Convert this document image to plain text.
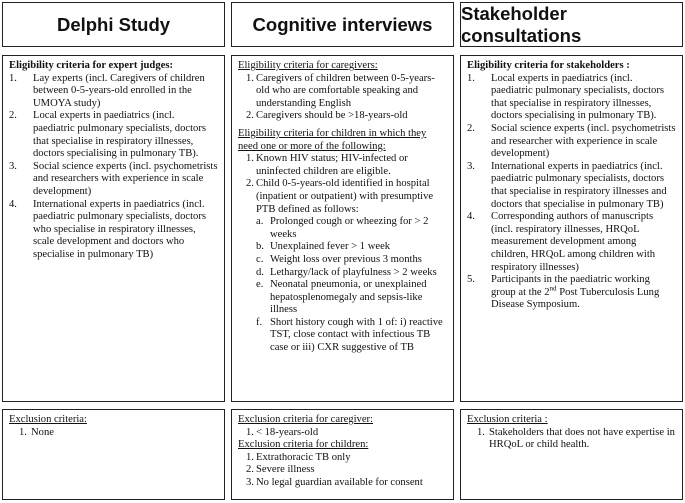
Delphi Study	Cognitive interviews
Stakeholder consultations
Eligibility criteria for expert judges:
1. Lay experts (incl. Caregivers of children between 0-5-years-old enrolled in the UMOYA study)
2. Local experts in paediatrics (incl. paediatric pulmonary specialists, doctors that specialise in respiratory illnesses, doctors specialising in pulmonary TB).
3. Social science experts (incl. psychometrists and researchers with experience in scale development)
4. International experts in paediatrics (incl. paediatric pulmonary specialists, doctors who specialise in respiratory illnesses, scale development and doctors who specialise in pulmonary TB)
Eligibility criteria for caregivers:
1. Caregivers of children between 0-5-years-old who are comfortable speaking and understanding English
2. Caregivers should be >18-years-old
Eligibility criteria for children in which they need one or more of the following:
1. Known HIV status; HIV-infected or uninfected children are eligible.
2. Child 0-5-years-old identified in hospital (inpatient or outpatient) with presumptive PTB defined as follows:
a. Prolonged cough or wheezing for > 2 weeks
b. Unexplained fever > 1 week
c. Weight loss over previous 3 months
d. Lethargy/lack of playfulness > 2 weeks
e. Neonatal pneumonia, or unexplained hepatosplenomegaly and sepsis-like illness
f. Short history cough with 1 of: i) reactive TST, close contact with infectious TB case or iii) CXR suggestive of TB
Eligibility criteria for stakeholders :
1. Local experts in paediatrics (incl. paediatric pulmonary specialists, doctors that specialise in respiratory illnesses, doctors specialising in pulmonary TB).
2. Social science experts (incl. psychometrists and researcher with experience in scale development)
3. International experts in paediatrics (incl. paediatric pulmonary specialists, doctors that specialise in respiratory illnesses and doctors that specialise in pulmonary TB)
4. Corresponding authors of manuscripts (incl. respiratory illnesses, HRQoL measurement development among children, HRQoL among children with respiratory illnesses)
5. Participants in the paediatric working group at the 2nd Post Tuberculosis Lung Disease Symposium.
Exclusion criteria:
1. None
Exclusion criteria for caregiver:
1. < 18-years-old
Exclusion criteria for children:
1. Extrathoracic TB only
2. Severe illness
3. No legal guardian available for consent
Exclusion criteria :
1. Stakeholders that does not have expertise in HRQoL or child health.
